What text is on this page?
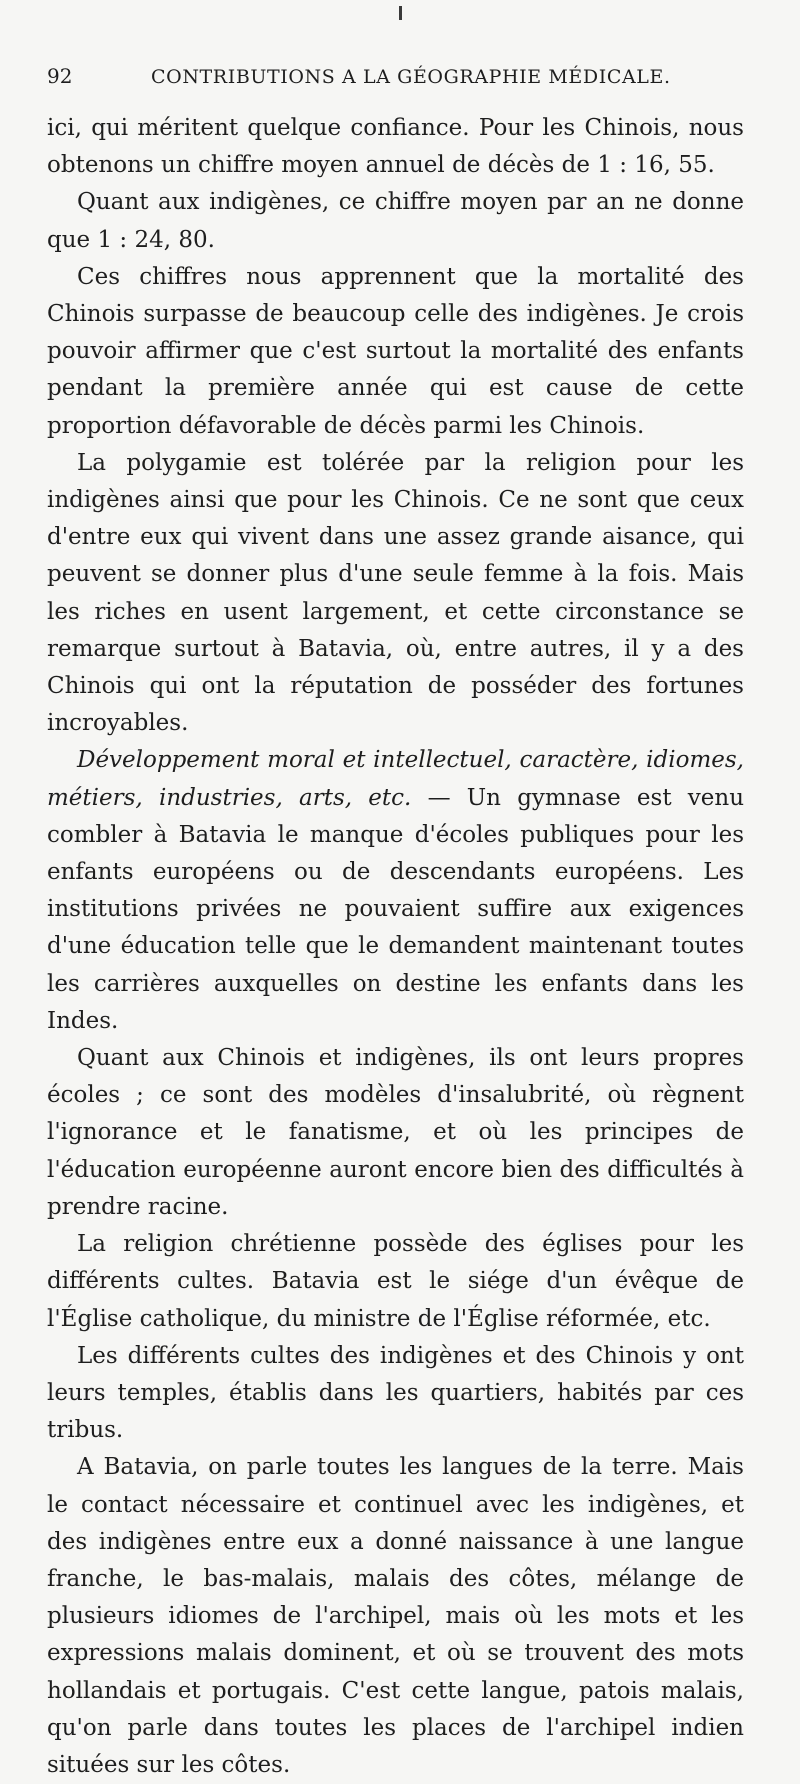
92	CONTRIBUTIONS A LA GÉOGRAPHIE MÉDICALE.

ici, qui méritent quelque confiance. Pour les Chinois, nous obtenons un chiffre moyen annuel de décès de 1 : 16, 55.

Quant aux indigènes, ce chiffre moyen par an ne donne que 1 : 24, 80.

Ces chiffres nous apprennent que la mortalité des Chinois surpasse de beaucoup celle des indigènes. Je crois pouvoir affirmer que c'est surtout la mortalité des enfants pendant la première année qui est cause de cette proportion défavorable de décès parmi les Chinois.

La polygamie est tolérée par la religion pour les indigènes ainsi que pour les Chinois. Ce ne sont que ceux d'entre eux qui vivent dans une assez grande aisance, qui peuvent se donner plus d'une seule femme à la fois. Mais les riches en usent largement, et cette circonstance se remarque surtout à Batavia, où, entre autres, il y a des Chinois qui ont la réputation de posséder des fortunes incroyables.

Développement moral et intellectuel, caractère, idiomes, métiers, industries, arts, etc. — Un gymnase est venu combler à Batavia le manque d'écoles publiques pour les enfants européens ou de descendants européens. Les institutions privées ne pouvaient suffire aux exigences d'une éducation telle que le demandent maintenant toutes les carrières auxquelles on destine les enfants dans les Indes.

Quant aux Chinois et indigènes, ils ont leurs propres écoles ; ce sont des modèles d'insalubrité, où règnent l'ignorance et le fanatisme, et où les principes de l'éducation européenne auront encore bien des difficultés à prendre racine.

La religion chrétienne possède des églises pour les différents cultes. Batavia est le siége d'un évêque de l'Église catholique, du ministre de l'Église réformée, etc.

Les différents cultes des indigènes et des Chinois y ont leurs temples, établis dans les quartiers, habités par ces tribus.

A Batavia, on parle toutes les langues de la terre. Mais le contact nécessaire et continuel avec les indigènes, et des indigènes entre eux a donné naissance à une langue franche, le bas-malais, malais des côtes, mélange de plusieurs idiomes de l'archipel, mais où les mots et les expressions malais dominent, et où se trouvent des mots hollandais et portugais. C'est cette langue, patois malais, qu'on parle dans toutes les places de l'archipel indien situées sur les côtes.
